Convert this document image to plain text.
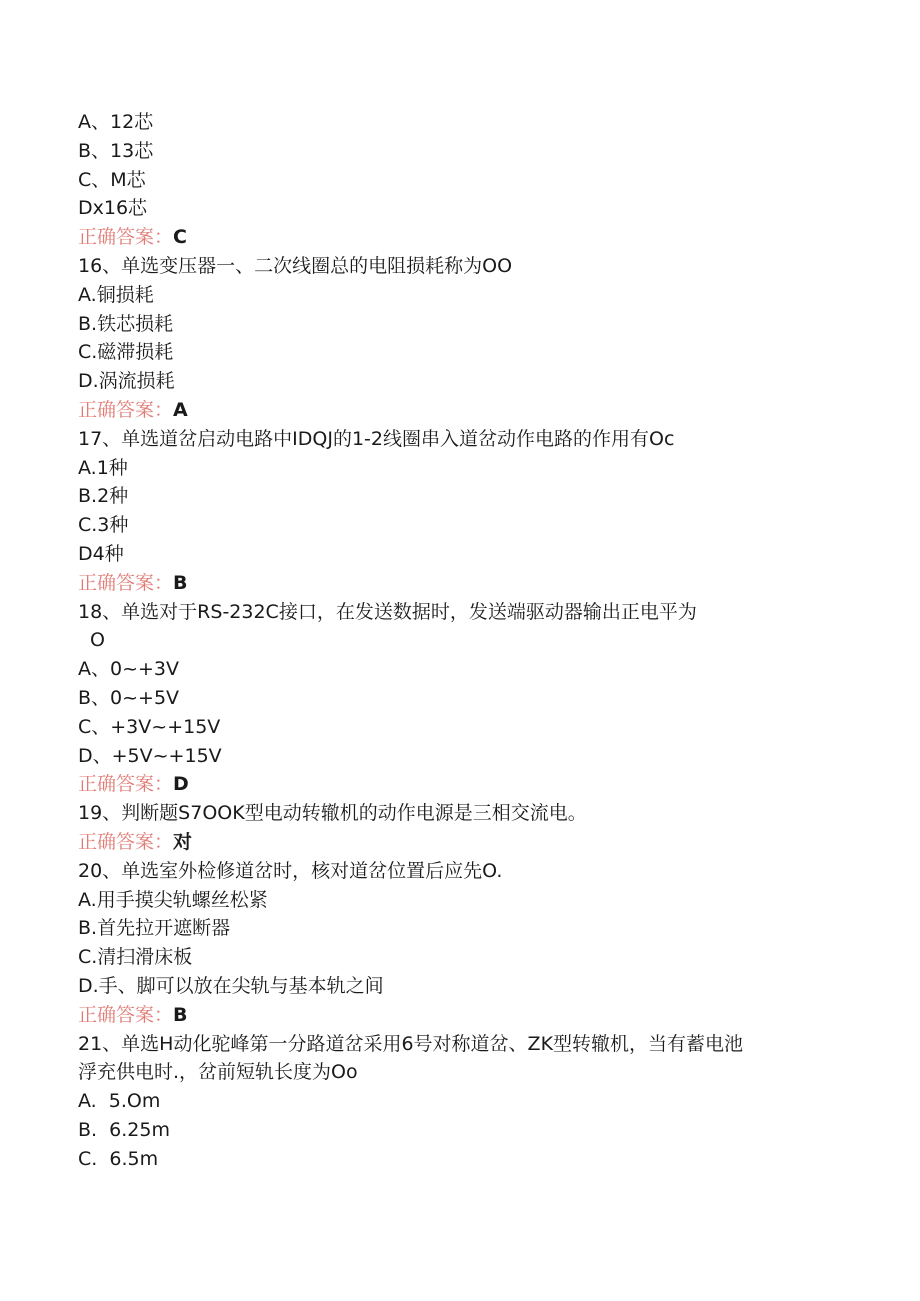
A、12芯
B、13芯
C、M芯
Dx16芯
正确答案：C
16、单选变压器一、二次线圈总的电阻损耗称为OO
A.铜损耗
B.铁芯损耗
C.磁滞损耗
D.涡流损耗
正确答案：A
17、单选道岔启动电路中IDQJ的1-2线圈串入道岔动作电路的作用有Oc
A.1种
B.2种
C.3种
D4种
正确答案：B
18、单选对于RS-232C接口，在发送数据时，发送端驱动器输出正电平为
O
A、0~+3V
B、0~+5V
C、+3V~+15V
D、+5V~+15V
正确答案：D
19、判断题S7OOK型电动转辙机的动作电源是三相交流电。
正确答案：对
20、单选室外检修道岔时，核对道岔位置后应先O.
A.用手摸尖轨螺丝松紧
B.首先拉开遮断器
C.清扫滑床板
D.手、脚可以放在尖轨与基本轨之间
正确答案：B
21、单选H动化驼峰第一分路道岔采用6号对称道岔、ZK型转辙机，当有蓄电池
浮充供电时.，岔前短轨长度为Oo
A.  5.Om
B.  6.25m
C.  6.5m
